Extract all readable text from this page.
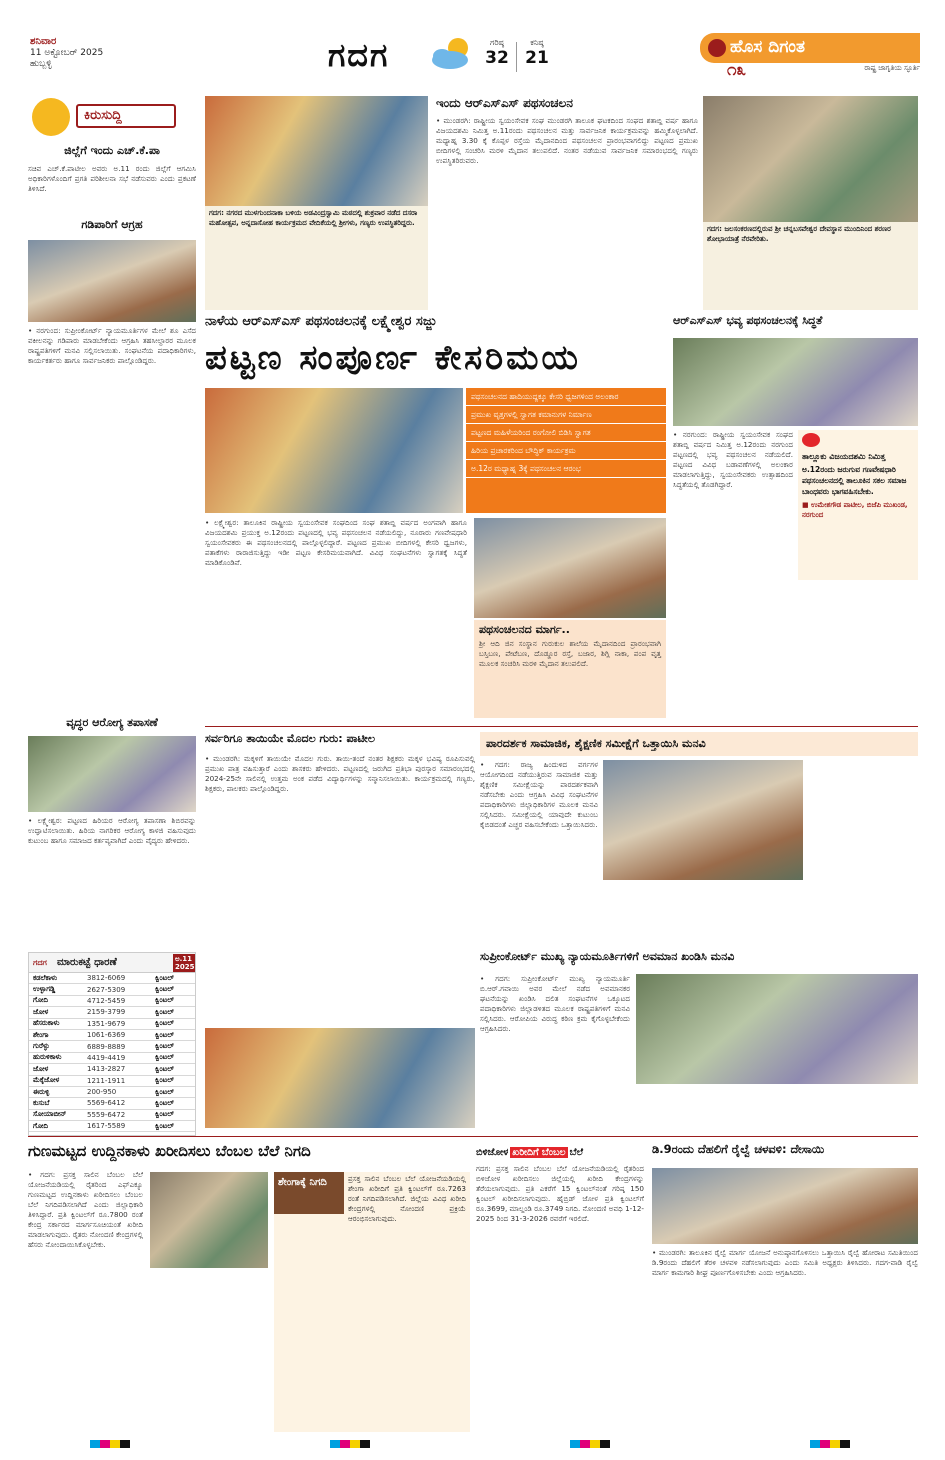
ಶನಿವಾರ
11 ಅಕ್ಟೋಬರ್ 2025
ಹುಬ್ಬಳ್ಳಿ	ಗದಗ	ಗರಿಷ್ಠ
32
ಕನಿಷ್ಠ
21
ಹೊಸ ದಿಗಂತ
ರಾಷ್ಟ್ರ ಜಾಗೃತಿಯ ಸ್ಫೂರ್ತಿ
೧೩
ಕಿರುಸುದ್ದಿ
ಜಿಲ್ಲೆಗೆ ಇಂದು ಎಚ್.ಕೆ.ಪಾ
ಸಚಿವ ಎಚ್.ಕೆ.ಪಾಟೀಲ ಅವರು ಅ.11 ರಂದು ಜಿಲ್ಲೆಗೆ ಆಗಮಿಸಿ ಅಧಿಕಾರಿಗಳೊಂದಿಗೆ ಪ್ರಗತಿ ಪರಿಶೀಲನಾ ಸಭೆ ನಡೆಸುವರು ಎಂದು ಪ್ರಕಟಣೆ ತಿಳಿಸಿದೆ.
ಗಡಿಪಾರಿಗೆ ಆಗ್ರಹ
• ನರಗುಂದ: ಸುಪ್ರೀಂಕೋರ್ಟ್ ನ್ಯಾಯಮೂರ್ತಿಗಳ ಮೇಲೆ ಶೂ ಎಸೆದ ವಕೀಲನನ್ನು ಗಡಿಪಾರು ಮಾಡಬೇಕೆಂದು ಆಗ್ರಹಿಸಿ ತಹಸೀಲ್ದಾರರ ಮೂಲಕ ರಾಷ್ಟ್ರಪತಿಗಳಿಗೆ ಮನವಿ ಸಲ್ಲಿಸಲಾಯಿತು. ಸಂಘಟನೆಯ ಪದಾಧಿಕಾರಿಗಳು, ಕಾರ್ಯಕರ್ತರು ಹಾಗೂ ಸಾರ್ವಜನಿಕರು ಪಾಲ್ಗೊಂಡಿದ್ದರು.
ವೃದ್ಧರ ಆರೋಗ್ಯ ತಪಾಸಣೆ
• ಲಕ್ಷ್ಮೇಶ್ವರ: ಪಟ್ಟಣದ ಹಿರಿಯರ ಆರೋಗ್ಯ ತಪಾಸಣಾ ಶಿಬಿರವನ್ನು ಉದ್ಘಾಟಿಸಲಾಯಿತು. ಹಿರಿಯ ನಾಗರಿಕರ ಆರೋಗ್ಯ ಕಾಳಜಿ ವಹಿಸುವುದು ಕುಟುಂಬ ಹಾಗೂ ಸಮಾಜದ ಕರ್ತವ್ಯವಾಗಿದೆ ಎಂದು ವೈದ್ಯರು ಹೇಳಿದರು.
ಗದಗ	ಮಾರುಕಟ್ಟೆ ಧಾರಣೆ	ಅ.11 2025
ಕಡಲೆಕಾಳು	3812-6069	ಕ್ವಿಂಟಲ್
ಉಳ್ಳಾಗಡ್ಡಿ	2627-5309	ಕ್ವಿಂಟಲ್
ಗೋದಿ	4712-5459	ಕ್ವಿಂಟಲ್
ಜೋಳ	2159-3799	ಕ್ವಿಂಟಲ್
ಹೆಸರುಕಾಳು	1351-9679	ಕ್ವಿಂಟಲ್
ಶೇಂಗಾ	1061-6369	ಕ್ವಿಂಟಲ್
ಗುರೆಳ್ಳು	6889-8889	ಕ್ವಿಂಟಲ್
ಹುರುಳಿಕಾಳು	4419-4419	ಕ್ವಿಂಟಲ್
ಜೋಳ	1413-2827	ಕ್ವಿಂಟಲ್
ಮೆಕ್ಕೆಜೋಳ	1211-1911	ಕ್ವಿಂಟಲ್
ಈರುಳ್ಳಿ	200-950	ಕ್ವಿಂಟಲ್
ಕುಸುಬೆ	5569-6412	ಕ್ವಿಂಟಲ್
ಸೋಯಾಬೀನ್	5559-6472	ಕ್ವಿಂಟಲ್
ಗೋದಿ	1617-5589	ಕ್ವಿಂಟಲ್
ಗದಗ: ನಗರದ ಮುಳಗುಂದನಾಕಾ ಬಳಿಯ ಅಡವಿಂದ್ರಸ್ವಾಮಿ ಮಠದಲ್ಲಿ ಶುಕ್ರವಾರ ನಡೆದ ದಸರಾ ಮಹೋತ್ಸವ, ಅನ್ನದಾಸೋಹ ಕಾರ್ಯಕ್ರಮದ ವೇದಿಕೆಯಲ್ಲಿ ಶ್ರೀಗಳು, ಗಣ್ಯರು ಉಪಸ್ಥಿತರಿದ್ದರು.
ಇಂದು ಆರ್‌ಎಸ್‌ಎಸ್ ಪಥಸಂಚಲನ
• ಮುಂಡರಗಿ: ರಾಷ್ಟ್ರೀಯ ಸ್ವಯಂಸೇವಕ ಸಂಘ ಮುಂಡರಗಿ ತಾಲೂಕ ಘಟಕದಿಂದ ಸಂಘದ ಶತಾಬ್ದಿ ವರ್ಷ ಹಾಗೂ ವಿಜಯದಶಮಿ ನಿಮಿತ್ತ ಅ.11ರಂದು ಪಥಸಂಚಲನ ಮತ್ತು ಸಾರ್ವಜನಿಕ ಕಾರ್ಯಕ್ರಮವನ್ನು ಹಮ್ಮಿಕೊಳ್ಳಲಾಗಿದೆ. ಮಧ್ಯಾಹ್ನ 3.30 ಕ್ಕೆ ಕೊಪ್ಪಳ ರಸ್ತೆಯ ಮೈದಾನದಿಂದ ಪಥಸಂಚಲನ ಪ್ರಾರಂಭವಾಗಲಿದ್ದು ಪಟ್ಟಣದ ಪ್ರಮುಖ ಬೀದಿಗಳಲ್ಲಿ ಸಂಚರಿಸಿ ಮರಳಿ ಮೈದಾನ ತಲುಪಲಿದೆ. ನಂತರ ನಡೆಯುವ ಸಾರ್ವಜನಿಕ ಸಮಾರಂಭದಲ್ಲಿ ಗಣ್ಯರು ಉಪಸ್ಥಿತರಿರುವರು.
ಗದಗ: ಜಲಸಂಕರಣದಲ್ಲಿರುವ ಶ್ರೀ ಚನ್ನಬಸವೇಶ್ವರ ದೇವಸ್ಥಾನ ಮುಂದಿನಿಂದ ಶರಣರ ಶೋಭಾಯಾತ್ರೆ ನೆರವೇರಿತು.
ನಾಳೆಯ ಆರ್‌ಎಸ್‌ಎಸ್ ಪಥಸಂಚಲನಕ್ಕೆ ಲಕ್ಷ್ಮೇಶ್ವರ ಸಜ್ಜು
ಪಟ್ಟಣ ಸಂಪೂರ್ಣ ಕೇಸರಿಮಯ
ಪಥಸಂಚಲನದ ಹಾದಿಯುದ್ದಕ್ಕೂ ಕೇಸರಿ ಧ್ವಜಗಳಿಂದ ಅಲಂಕಾರ
ಪ್ರಮುಖ ವೃತ್ತಗಳಲ್ಲಿ ಸ್ವಾಗತ ಕಮಾನುಗಳ ನಿರ್ಮಾಣ
ಪಟ್ಟಣದ ಮಹಿಳೆಯರಿಂದ ರಂಗೋಲಿ ಬಿಡಿಸಿ ಸ್ವಾಗತ
ಹಿರಿಯ ಪ್ರಚಾರಕರಿಂದ ಬೌದ್ಧಿಕ್ ಕಾರ್ಯಕ್ರಮ
ಅ.12ರ ಮಧ್ಯಾಹ್ನ 3ಕ್ಕೆ ಪಥಸಂಚಲನ ಆರಂಭ
• ಲಕ್ಷ್ಮೇಶ್ವರ: ತಾಲೂಕಿನ ರಾಷ್ಟ್ರೀಯ ಸ್ವಯಂಸೇವಕ ಸಂಘದಿಂದ ಸಂಘ ಶತಾಬ್ದಿ ವರ್ಷದ ಅಂಗವಾಗಿ ಹಾಗೂ ವಿಜಯದಶಮಿ ಪ್ರಯುಕ್ತ ಅ.12ರಂದು ಪಟ್ಟಣದಲ್ಲಿ ಭವ್ಯ ಪಥಸಂಚಲನ ನಡೆಯಲಿದ್ದು, ನೂರಾರು ಗಣವೇಷಧಾರಿ ಸ್ವಯಂಸೇವಕರು ಈ ಪಥಸಂಚಲನದಲ್ಲಿ ಪಾಲ್ಗೊಳ್ಳಲಿದ್ದಾರೆ. ಪಟ್ಟಣದ ಪ್ರಮುಖ ಬೀದಿಗಳಲ್ಲಿ ಕೇಸರಿ ಧ್ವಜಗಳು, ಪತಾಕೆಗಳು ರಾರಾಜಿಸುತ್ತಿದ್ದು ಇಡೀ ಪಟ್ಟಣ ಕೇಸರಿಮಯವಾಗಿದೆ. ವಿವಿಧ ಸಂಘಟನೆಗಳು ಸ್ವಾಗತಕ್ಕೆ ಸಿದ್ಧತೆ ಮಾಡಿಕೊಂಡಿವೆ.
ಪಥಸಂಚಲನದ ಮಾರ್ಗ..
ಶ್ರೀ ಆದಿ ಜಿನ ಸಂಸ್ಥಾನ ಗುರುಕುಲ ಶಾಲೆಯ ಮೈದಾನದಿಂದ ಪ್ರಾರಂಭವಾಗಿ ಬಸ್ತಿಬಣ, ಪೇಟೆಬಣ, ದೊಡ್ಡೂರ ರಸ್ತೆ, ಬಜಾರ, ಶಿಗ್ಲಿ ನಾಕಾ, ಪಂಪ ವೃತ್ತ ಮೂಲಕ ಸಂಚರಿಸಿ ಮರಳಿ ಮೈದಾನ ತಲುಪಲಿದೆ.
ಆರ್‌ಎಸ್‌ಎಸ್ ಭವ್ಯ ಪಥಸಂಚಲನಕ್ಕೆ ಸಿದ್ಧತೆ
• ನರಗುಂದ: ರಾಷ್ಟ್ರೀಯ ಸ್ವಯಂಸೇವಕ ಸಂಘದ ಶತಾಬ್ದಿ ವರ್ಷದ ನಿಮಿತ್ತ ಅ.12ರಂದು ನರಗುಂದ ಪಟ್ಟಣದಲ್ಲಿ ಭವ್ಯ ಪಥಸಂಚಲನ ನಡೆಯಲಿದೆ. ಪಟ್ಟಣದ ವಿವಿಧ ಬಡಾವಣೆಗಳಲ್ಲಿ ಅಲಂಕಾರ ಮಾಡಲಾಗುತ್ತಿದ್ದು, ಸ್ವಯಂಸೇವಕರು ಉತ್ಸಾಹದಿಂದ ಸಿದ್ಧತೆಯಲ್ಲಿ ತೊಡಗಿದ್ದಾರೆ.
ತಾಲ್ಲೂಕು ವಿಜಯದಶಮಿ ನಿಮಿತ್ತ
ಅ.12ರಂದು ಜರುಗುವ ಗಣವೇಷಧಾರಿ ಪಥಸಂಚಲನದಲ್ಲಿ ತಾಲೂಕಿನ ಸಕಲ ಸಮಾಜ ಬಾಂಧವರು ಭಾಗವಹಿಸಬೇಕು.
■ ಉಮೇಶಗೌಡ ಪಾಟೀಲ, ಬಿಜೆಪಿ ಮುಖಂಡ, ನರಗುಂದ
ಸರ್ವರಿಗೂ ತಾಯಿಯೇ ಮೊದಲ ಗುರು: ಪಾಟೀಲ
• ಮುಂಡರಗಿ: ಮಕ್ಕಳಿಗೆ ತಾಯಿಯೇ ಮೊದಲ ಗುರು. ತಾಯಿ-ತಂದೆ ನಂತರ ಶಿಕ್ಷಕರು ಮಕ್ಕಳ ಭವಿಷ್ಯ ರೂಪಿಸುವಲ್ಲಿ ಪ್ರಮುಖ ಪಾತ್ರ ವಹಿಸುತ್ತಾರೆ ಎಂದು ಶಾಸಕರು ಹೇಳಿದರು. ಪಟ್ಟಣದಲ್ಲಿ ಜರುಗಿದ ಪ್ರತಿಭಾ ಪುರಸ್ಕಾರ ಸಮಾರಂಭದಲ್ಲಿ 2024-25ನೇ ಸಾಲಿನಲ್ಲಿ ಉತ್ತಮ ಅಂಕ ಪಡೆದ ವಿದ್ಯಾರ್ಥಿಗಳನ್ನು ಸನ್ಮಾನಿಸಲಾಯಿತು. ಕಾರ್ಯಕ್ರಮದಲ್ಲಿ ಗಣ್ಯರು, ಶಿಕ್ಷಕರು, ಪಾಲಕರು ಪಾಲ್ಗೊಂಡಿದ್ದರು.
ಪಾರದರ್ಶಕ ಸಾಮಾಜಿಕ, ಶೈಕ್ಷಣಿಕ ಸಮೀಕ್ಷೆಗೆ ಒತ್ತಾಯಿಸಿ ಮನವಿ
• ಗದಗ: ರಾಜ್ಯ ಹಿಂದುಳಿದ ವರ್ಗಗಳ ಆಯೋಗದಿಂದ ನಡೆಯುತ್ತಿರುವ ಸಾಮಾಜಿಕ ಮತ್ತು ಶೈಕ್ಷಣಿಕ ಸಮೀಕ್ಷೆಯನ್ನು ಪಾರದರ್ಶಕವಾಗಿ ನಡೆಸಬೇಕು ಎಂದು ಆಗ್ರಹಿಸಿ ವಿವಿಧ ಸಂಘಟನೆಗಳ ಪದಾಧಿಕಾರಿಗಳು ಜಿಲ್ಲಾಧಿಕಾರಿಗಳ ಮೂಲಕ ಮನವಿ ಸಲ್ಲಿಸಿದರು. ಸಮೀಕ್ಷೆಯಲ್ಲಿ ಯಾವುದೇ ಕುಟುಂಬ ಕೈಬಿಡದಂತೆ ಎಚ್ಚರ ವಹಿಸಬೇಕೆಂದು ಒತ್ತಾಯಿಸಿದರು.
ಸುಪ್ರೀಂಕೋರ್ಟ್ ಮುಖ್ಯ ನ್ಯಾಯಮೂರ್ತಿಗಳಿಗೆ ಅವಮಾನ ಖಂಡಿಸಿ ಮನವಿ
• ಗದಗ: ಸುಪ್ರೀಂಕೋರ್ಟ್ ಮುಖ್ಯ ನ್ಯಾಯಮೂರ್ತಿ ಬಿ.ಆರ್.ಗವಾಯಿ ಅವರ ಮೇಲೆ ನಡೆದ ಅವಮಾನಕರ ಘಟನೆಯನ್ನು ಖಂಡಿಸಿ ದಲಿತ ಸಂಘಟನೆಗಳ ಒಕ್ಕೂಟದ ಪದಾಧಿಕಾರಿಗಳು ಜಿಲ್ಲಾಡಳಿತದ ಮೂಲಕ ರಾಷ್ಟ್ರಪತಿಗಳಿಗೆ ಮನವಿ ಸಲ್ಲಿಸಿದರು. ಆರೋಪಿಯ ವಿರುದ್ಧ ಕಠಿಣ ಕ್ರಮ ಕೈಗೊಳ್ಳಬೇಕೆಂದು ಆಗ್ರಹಿಸಿದರು.
ಗುಣಮಟ್ಟದ ಉದ್ದಿನಕಾಳು ಖರೀದಿಸಲು ಬೆಂಬಲ ಬೆಲೆ ನಿಗದಿ
• ಗದಗ: ಪ್ರಸಕ್ತ ಸಾಲಿನ ಬೆಂಬಲ ಬೆಲೆ ಯೋಜನೆಯಡಿಯಲ್ಲಿ ರೈತರಿಂದ ಎಫ್‌ಎಕ್ಯೂ ಗುಣಮಟ್ಟದ ಉದ್ದಿನಕಾಳು ಖರೀದಿಸಲು ಬೆಂಬಲ ಬೆಲೆ ನಿಗದಿಪಡಿಸಲಾಗಿದೆ ಎಂದು ಜಿಲ್ಲಾಧಿಕಾರಿ ತಿಳಿಸಿದ್ದಾರೆ. ಪ್ರತಿ ಕ್ವಿಂಟಲ್‌ಗೆ ರೂ.7800 ರಂತೆ ಕೇಂದ್ರ ಸರ್ಕಾರದ ಮಾರ್ಗಸೂಚಿಯಂತೆ ಖರೀದಿ ಮಾಡಲಾಗುವುದು. ರೈತರು ನೋಂದಣಿ ಕೇಂದ್ರಗಳಲ್ಲಿ ಹೆಸರು ನೋಂದಾಯಿಸಿಕೊಳ್ಳಬೇಕು.
ಶೇಂಗಾಕ್ಕೆ ನಿಗದಿ	ಪ್ರಸಕ್ತ ಸಾಲಿನ ಬೆಂಬಲ ಬೆಲೆ ಯೋಜನೆಯಡಿಯಲ್ಲಿ ಶೇಂಗಾ ಖರೀದಿಗೆ ಪ್ರತಿ ಕ್ವಿಂಟಲ್‌ಗೆ ರೂ.7263 ರಂತೆ ನಿಗದಿಪಡಿಸಲಾಗಿದೆ. ಜಿಲ್ಲೆಯ ವಿವಿಧ ಖರೀದಿ ಕೇಂದ್ರಗಳಲ್ಲಿ ನೋಂದಣಿ ಪ್ರಕ್ರಿಯೆ ಆರಂಭಿಸಲಾಗುವುದು.
ಬಿಳಿಜೋಳ ಖರೀದಿಗೆ ಬೆಂಬಲ ಬೆಲೆ
ಗದಗ: ಪ್ರಸಕ್ತ ಸಾಲಿನ ಬೆಂಬಲ ಬೆಲೆ ಯೋಜನೆಯಡಿಯಲ್ಲಿ ರೈತರಿಂದ ಬಿಳಿಜೋಳ ಖರೀದಿಸಲು ಜಿಲ್ಲೆಯಲ್ಲಿ ಖರೀದಿ ಕೇಂದ್ರಗಳನ್ನು ತೆರೆಯಲಾಗುವುದು. ಪ್ರತಿ ಎಕರೆಗೆ 15 ಕ್ವಿಂಟಲ್‌ನಂತೆ ಗರಿಷ್ಠ 150 ಕ್ವಿಂಟಲ್ ಖರೀದಿಸಲಾಗುವುದು. ಹೈಬ್ರಿಡ್ ಜೋಳ ಪ್ರತಿ ಕ್ವಿಂಟಲ್‌ಗೆ ರೂ.3699, ಮಾಲ್ದಂಡಿ ರೂ.3749 ನಿಗದಿ. ನೋಂದಣಿ ಅವಧಿ 1-12-2025 ರಿಂದ 31-3-2026 ರವರೆಗೆ ಇರಲಿದೆ.
ಡಿ.9ರಂದು ದೆಹಲಿಗೆ ರೈಲ್ವೆ ಚಳವಳಿ: ದೇಸಾಯಿ
• ಮುಂಡರಗಿ: ತಾಲೂಕಿನ ರೈಲ್ವೆ ಮಾರ್ಗ ಯೋಜನೆ ಅನುಷ್ಠಾನಗೊಳಿಸಲು ಒತ್ತಾಯಿಸಿ ರೈಲ್ವೆ ಹೋರಾಟ ಸಮಿತಿಯಿಂದ ಡಿ.9ರಂದು ದೆಹಲಿಗೆ ತೆರಳಿ ಚಳವಳಿ ನಡೆಸಲಾಗುವುದು ಎಂದು ಸಮಿತಿ ಅಧ್ಯಕ್ಷರು ತಿಳಿಸಿದರು. ಗದಗ-ವಾಡಿ ರೈಲ್ವೆ ಮಾರ್ಗ ಕಾಮಗಾರಿ ಶೀಘ್ರ ಪೂರ್ಣಗೊಳಿಸಬೇಕು ಎಂದು ಆಗ್ರಹಿಸಿದರು.
